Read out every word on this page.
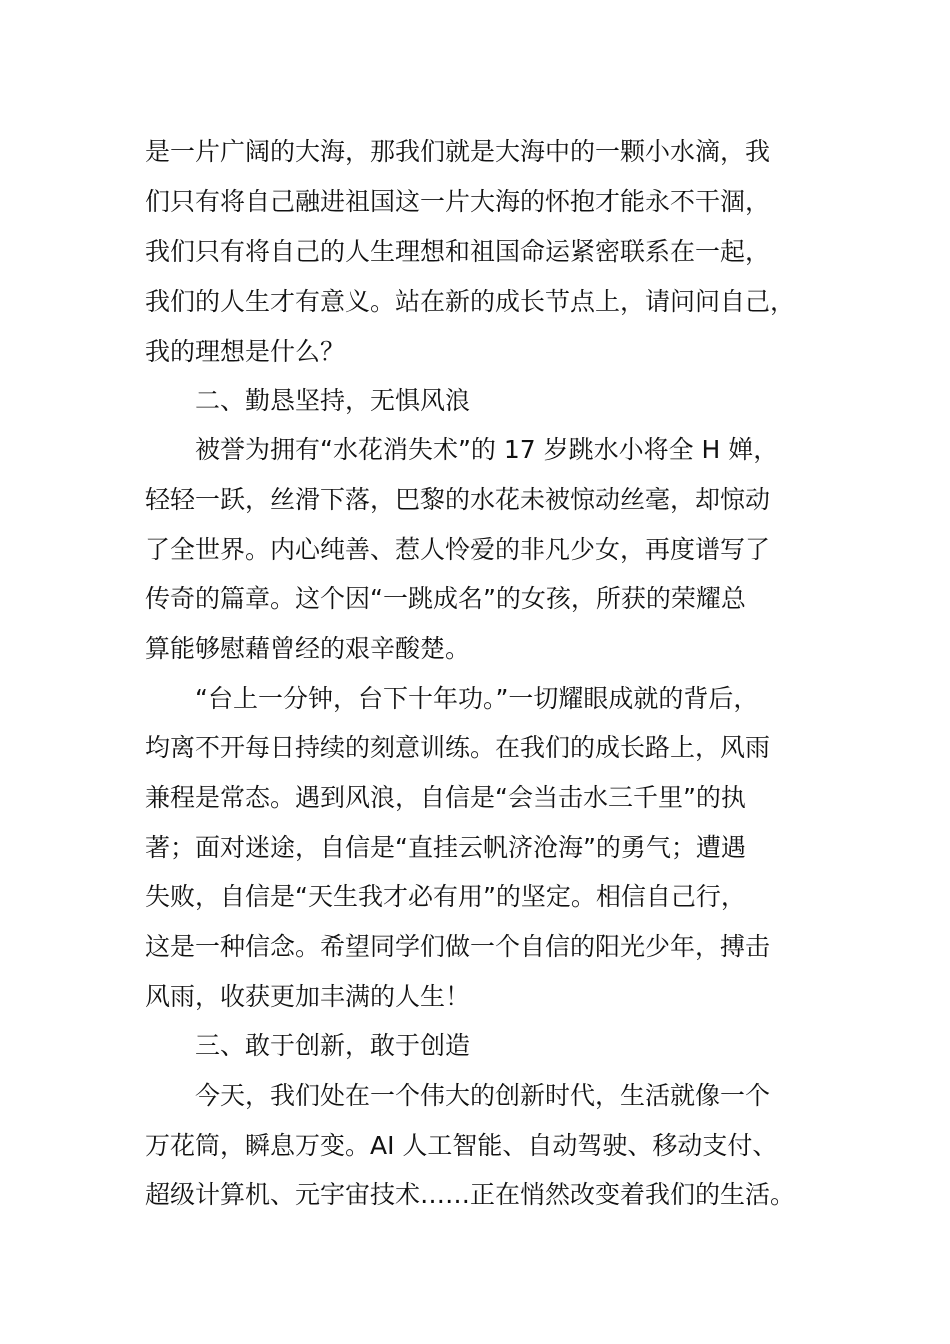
是一片广阔的大海，那我们就是大海中的一颗小水滴，我
们只有将自己融进祖国这一片大海的怀抱才能永不干涸，
我们只有将自己的人生理想和祖国命运紧密联系在一起，
我们的人生才有意义。站在新的成长节点上，请问问自己，
我的理想是什么？
二、勤恳坚持，无惧风浪
被誉为拥有“水花消失术”的 17 岁跳水小将全 H 婵，
轻轻一跃，丝滑下落，巴黎的水花未被惊动丝毫，却惊动
了全世界。内心纯善、惹人怜爱的非凡少女，再度谱写了
传奇的篇章。这个因“一跳成名”的女孩，所获的荣耀总
算能够慰藉曾经的艰辛酸楚。
“台上一分钟，台下十年功。”一切耀眼成就的背后，
均离不开每日持续的刻意训练。在我们的成长路上，风雨
兼程是常态。遇到风浪，自信是“会当击水三千里”的执
著；面对迷途，自信是“直挂云帆济沧海”的勇气；遭遇
失败，自信是“天生我才必有用”的坚定。相信自己行，
这是一种信念。希望同学们做一个自信的阳光少年，搏击
风雨，收获更加丰满的人生！
三、敢于创新，敢于创造
今天，我们处在一个伟大的创新时代，生活就像一个
万花筒，瞬息万变。AI 人工智能、自动驾驶、移动支付、
超级计算机、元宇宙技术……正在悄然改变着我们的生活。
